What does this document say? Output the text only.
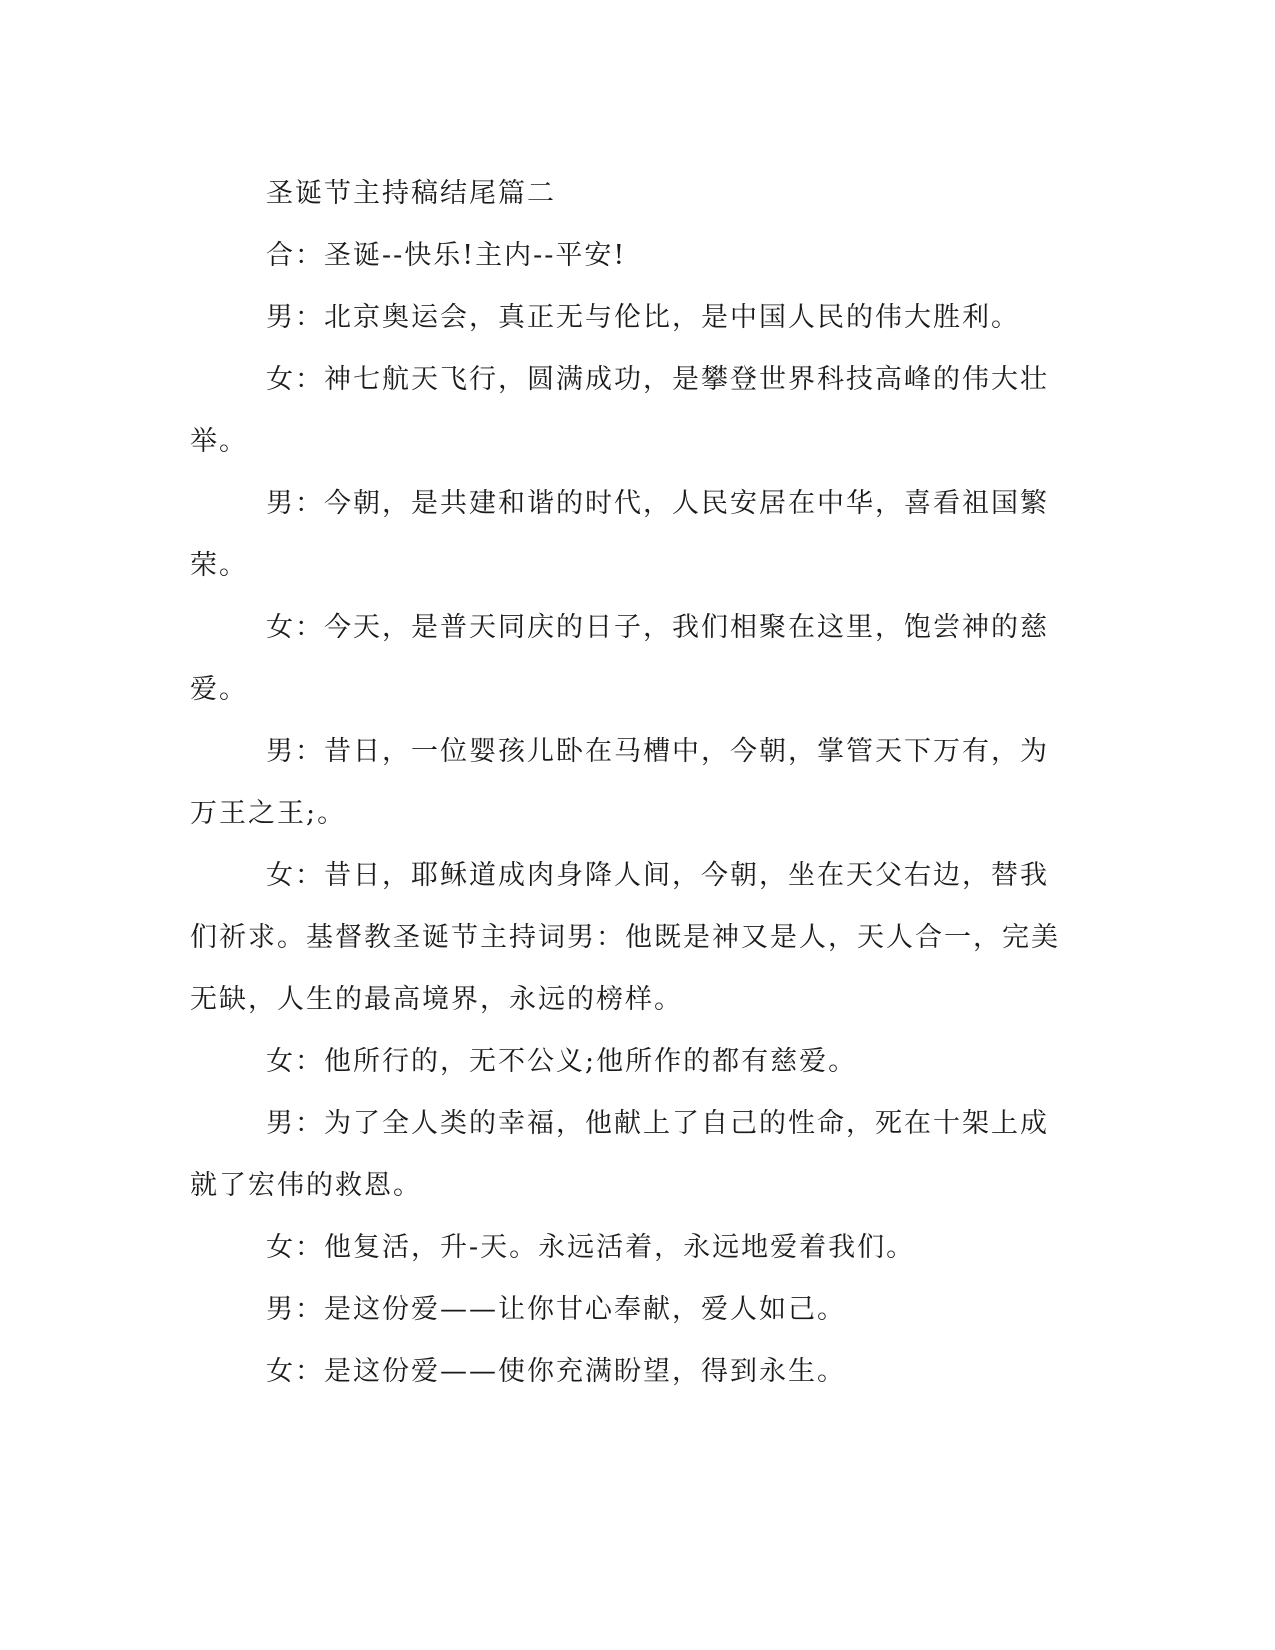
圣诞节主持稿结尾篇二

合：圣诞--快乐!主内--平安!

男：北京奥运会，真正无与伦比，是中国人民的伟大胜利。

女：神七航天飞行，圆满成功，是攀登世界科技高峰的伟大壮举。

男：今朝，是共建和谐的时代，人民安居在中华，喜看祖国繁荣。

女：今天，是普天同庆的日子，我们相聚在这里，饱尝神的慈爱。

男：昔日，一位婴孩儿卧在马槽中，今朝，掌管天下万有，为万王之王;。

女：昔日，耶稣道成肉身降人间，今朝，坐在天父右边，替我们祈求。基督教圣诞节主持词男：他既是神又是人，天人合一，完美无缺，人生的最高境界，永远的榜样。

女：他所行的，无不公义;他所作的都有慈爱。

男：为了全人类的幸福，他献上了自己的性命，死在十架上成就了宏伟的救恩。

女：他复活，升-天。永远活着，永远地爱着我们。

男：是这份爱——让你甘心奉献，爱人如己。

女：是这份爱——使你充满盼望，得到永生。
